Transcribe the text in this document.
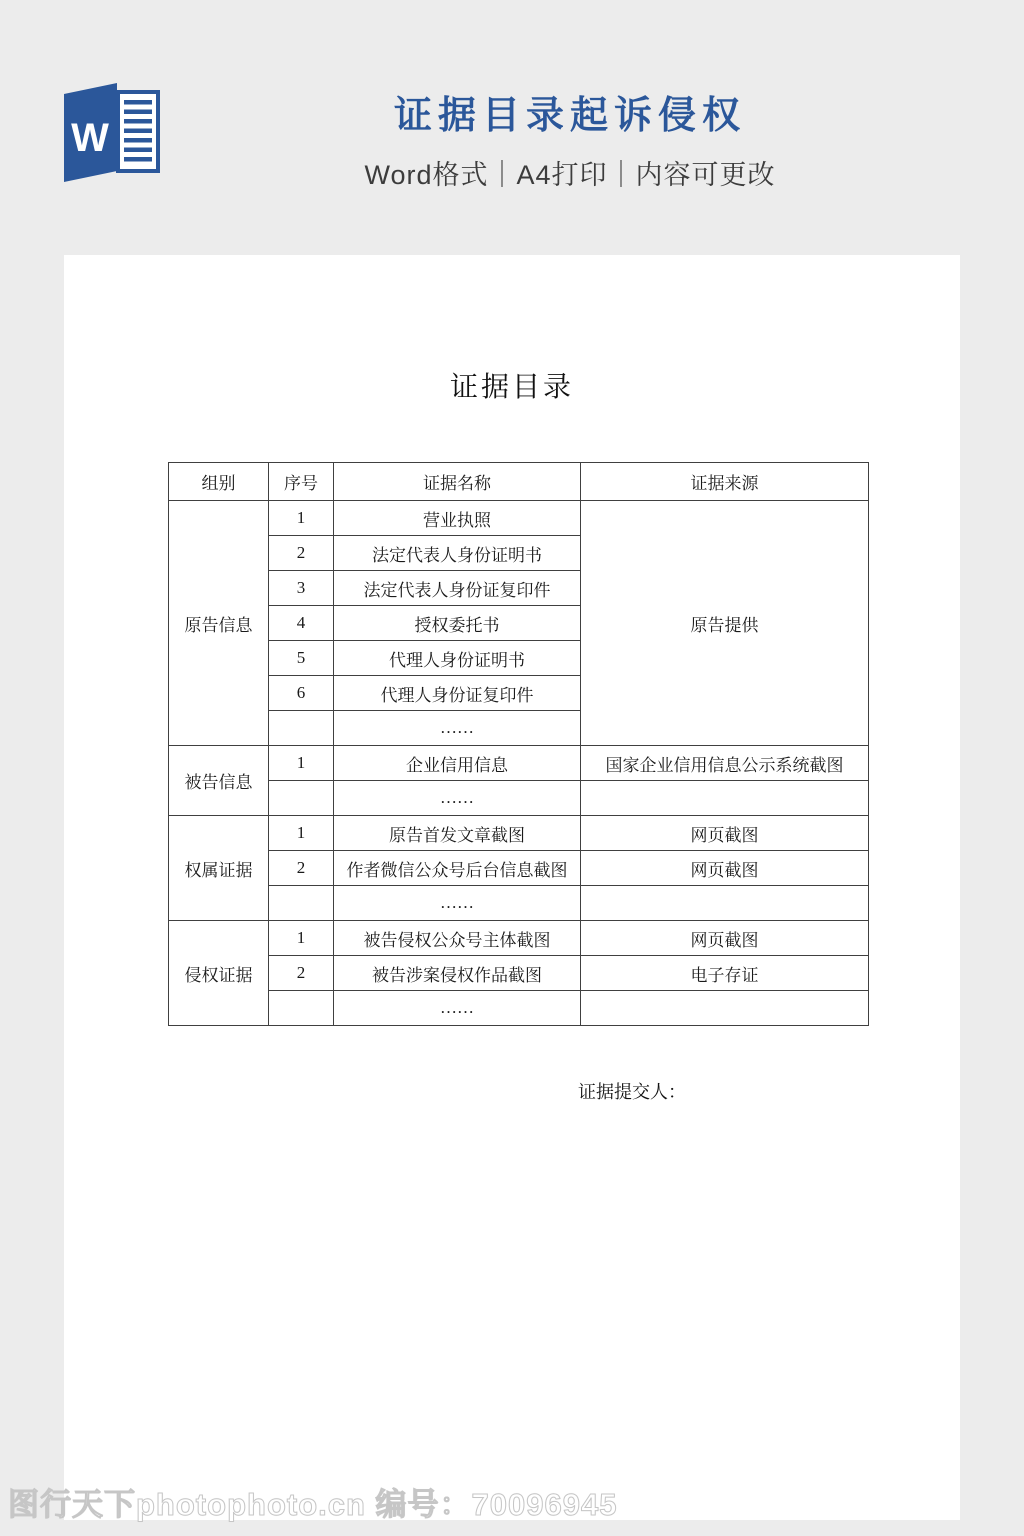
W	证据目录起诉侵权

Word格式｜A4打印｜内容可更改

证据目录
组别	序号	证据名称	证据来源
原告信息	1	营业执照	原告提供
	2	法定代表人身份证明书	
	3	法定代表人身份证复印件	
	4	授权委托书	
	5	代理人身份证明书	
	6	代理人身份证复印件	
		……	
被告信息	1	企业信用信息	国家企业信用信息公示系统截图
		……	
权属证据	1	原告首发文章截图	网页截图
	2	作者微信公众号后台信息截图	网页截图
		……	
侵权证据	1	被告侵权公众号主体截图	网页截图
	2	被告涉案侵权作品截图	电子存证
		……	

证据提交人：

图行天下photophoto.cn 编号：70096945
